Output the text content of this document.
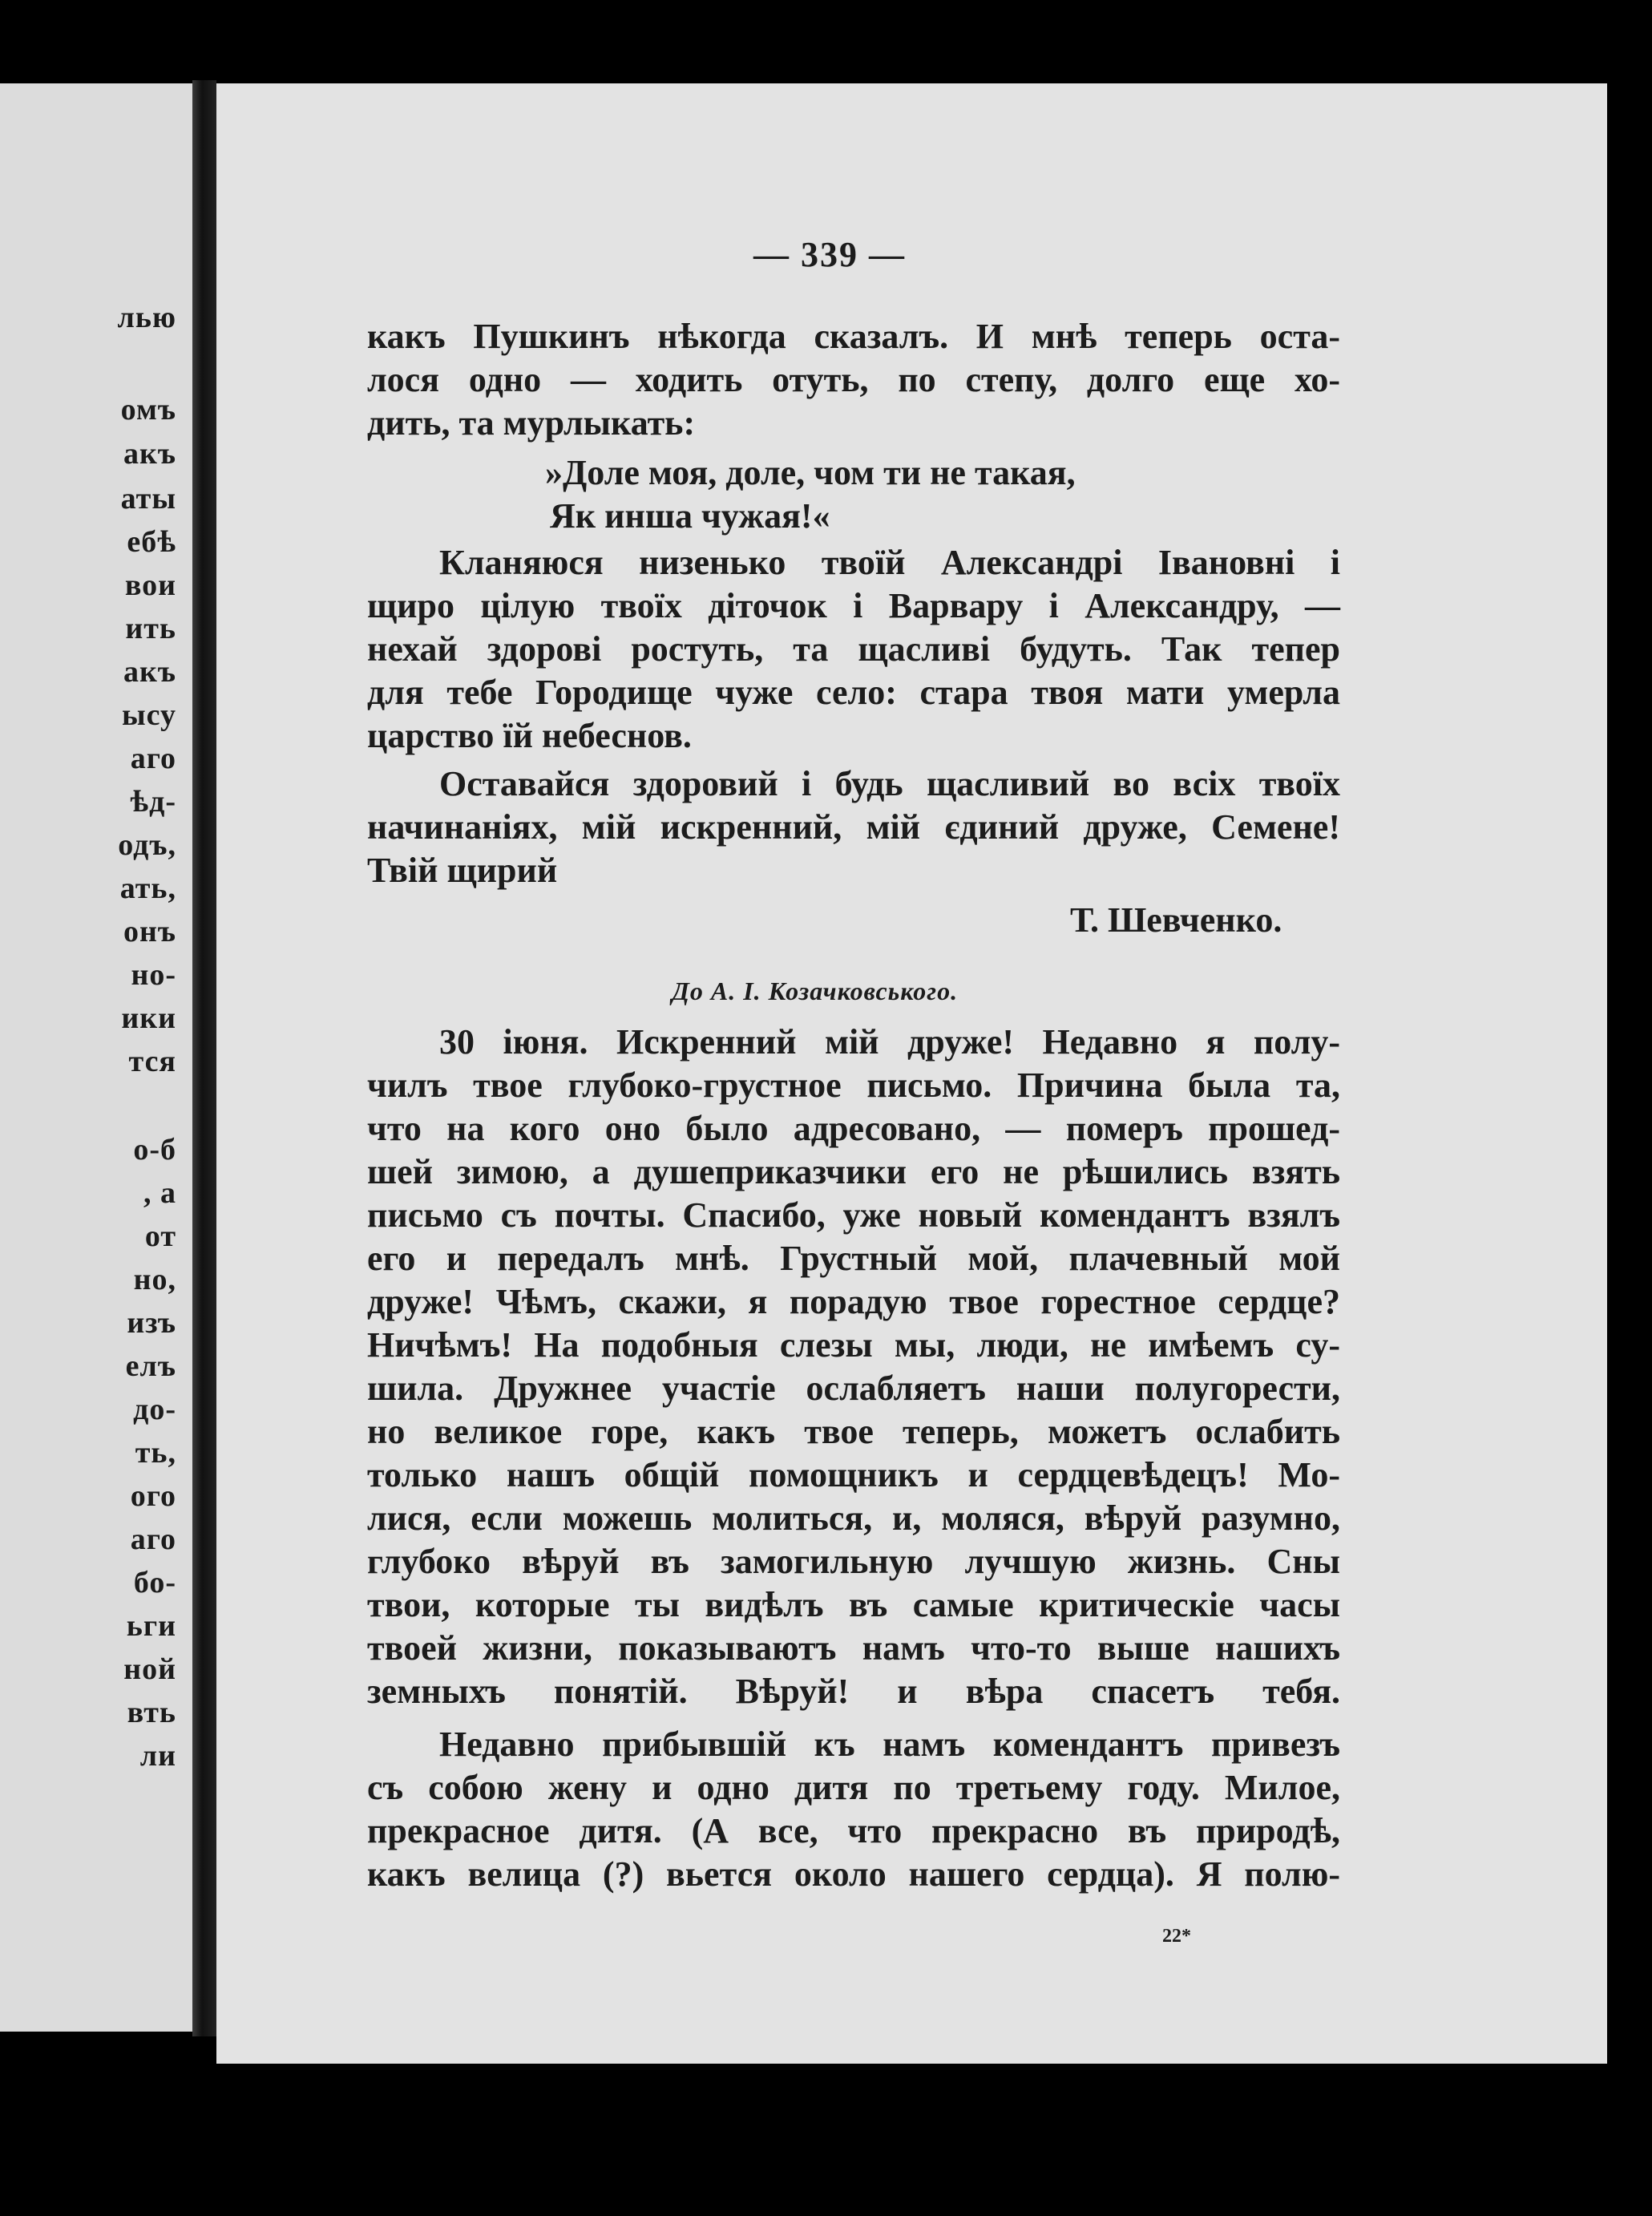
лью
омъ
акъ
аты
ебѣ
вои
ить
акъ
ысу
аго
ѣд-
одъ,
ать,
онъ
но-
ики
тся
о-б
, а
от
но,
изъ
елъ
до-
ть,
ого
аго
бо-
ьги
ной
вть
ли
— 339 —
какъ Пушкинъ нѣкогда сказалъ. И мнѣ теперь оста-
лося одно — ходить отуть, по степу, долго еще хо-
дить, та мурлыкать:
»Доле моя, доле, чом ти не такая,
Як инша чужая!«
Кланяюся низенько твоїй Александрі Івановні і
щиро цілую твоїх діточок і Варвару і Александру, —
нехай здорові ростуть, та щасливі будуть. Так тепер
для тебе Городище чуже село: стара твоя мати умерла
царство їй небеснов.
Оставайся здоровий і будь щасливий во всіх твоїх
начинаніях, мій искренний, мій єдиний друже, Семене!
Твій щирий
Т. Шевченко.
До А. І. Козачковського.
30 іюня. Искренний мій друже! Недавно я полу-
чилъ твое глубоко-грустное письмо. Причина была та,
что на кого оно было адресовано, — померъ прошед-
шей зимою, а душеприказчики его не рѣшились взять
письмо съ почты. Спасибо, уже новый комендантъ взялъ
его и передалъ мнѣ. Грустный мой, плачевный мой
друже! Чѣмъ, скажи, я порадую твое горестное сердце?
Ничѣмъ! На подобныя слезы мы, люди, не имѣемъ су-
шила. Дружнее участіе ослабляетъ наши полугорести,
но великое горе, какъ твое теперь, можетъ ослабить
только нашъ общій помощникъ и сердцевѣдецъ! Мо-
лися, если можешь молиться, и, моляся, вѣруй разумно,
глубоко вѣруй въ замогильную лучшую жизнь. Сны
твои, которые ты видѣлъ въ самые критическіе часы
твоей жизни, показываютъ намъ что-то выше нашихъ
земныхъ понятій. Вѣруй! и вѣра спасетъ тебя.
Недавно прибывшій къ намъ комендантъ привезъ
съ собою жену и одно дитя по третьему году. Милое,
прекрасное дитя. (А все, что прекрасно въ природѣ,
какъ велица (?) вьется около нашего сердца). Я полю-
22*
